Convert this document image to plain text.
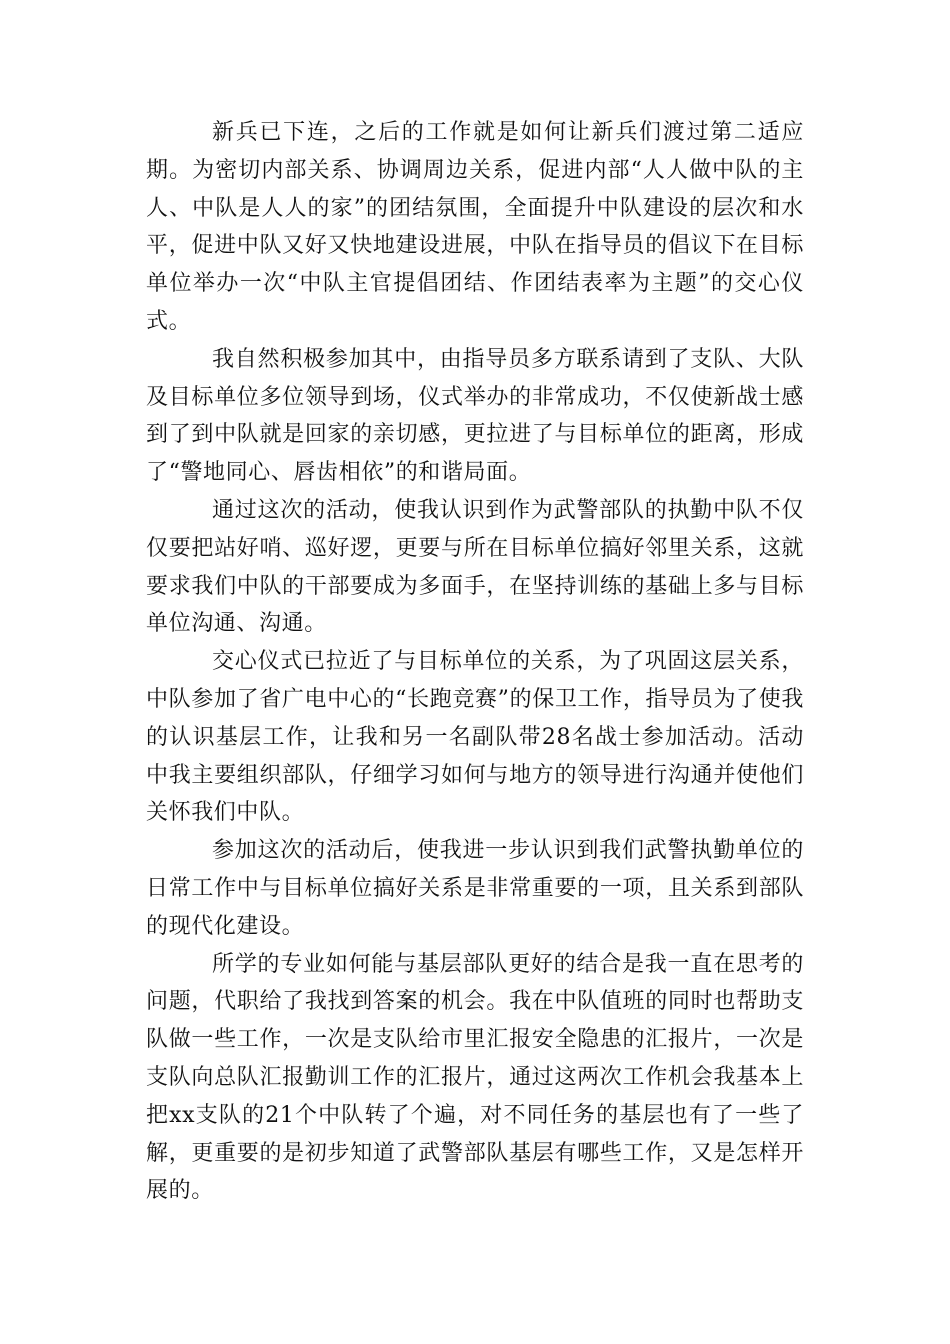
新兵已下连，之后的工作就是如何让新兵们渡过第二适应期。为密切内部关系、协调周边关系，促进内部“人人做中队的主人、中队是人人的家”的团结氛围，全面提升中队建设的层次和水平，促进中队又好又快地建设进展，中队在指导员的倡议下在目标单位举办一次“中队主官提倡团结、作团结表率为主题”的交心仪式。

我自然积极参加其中，由指导员多方联系请到了支队、大队及目标单位多位领导到场，仪式举办的非常成功，不仅使新战士感到了到中队就是回家的亲切感，更拉进了与目标单位的距离，形成了“警地同心、唇齿相依”的和谐局面。

通过这次的活动，使我认识到作为武警部队的执勤中队不仅仅要把站好哨、巡好逻，更要与所在目标单位搞好邻里关系，这就要求我们中队的干部要成为多面手，在坚持训练的基础上多与目标单位沟通、沟通。

交心仪式已拉近了与目标单位的关系，为了巩固这层关系，中队参加了省广电中心的“长跑竞赛”的保卫工作，指导员为了使我的认识基层工作，让我和另一名副队带28名战士参加活动。活动中我主要组织部队，仔细学习如何与地方的领导进行沟通并使他们关怀我们中队。

参加这次的活动后，使我进一步认识到我们武警执勤单位的日常工作中与目标单位搞好关系是非常重要的一项，且关系到部队的现代化建设。

所学的专业如何能与基层部队更好的结合是我一直在思考的问题，代职给了我找到答案的机会。我在中队值班的同时也帮助支队做一些工作，一次是支队给市里汇报安全隐患的汇报片，一次是支队向总队汇报勤训工作的汇报片，通过这两次工作机会我基本上把xx支队的21个中队转了个遍，对不同任务的基层也有了一些了解，更重要的是初步知道了武警部队基层有哪些工作，又是怎样开展的。
